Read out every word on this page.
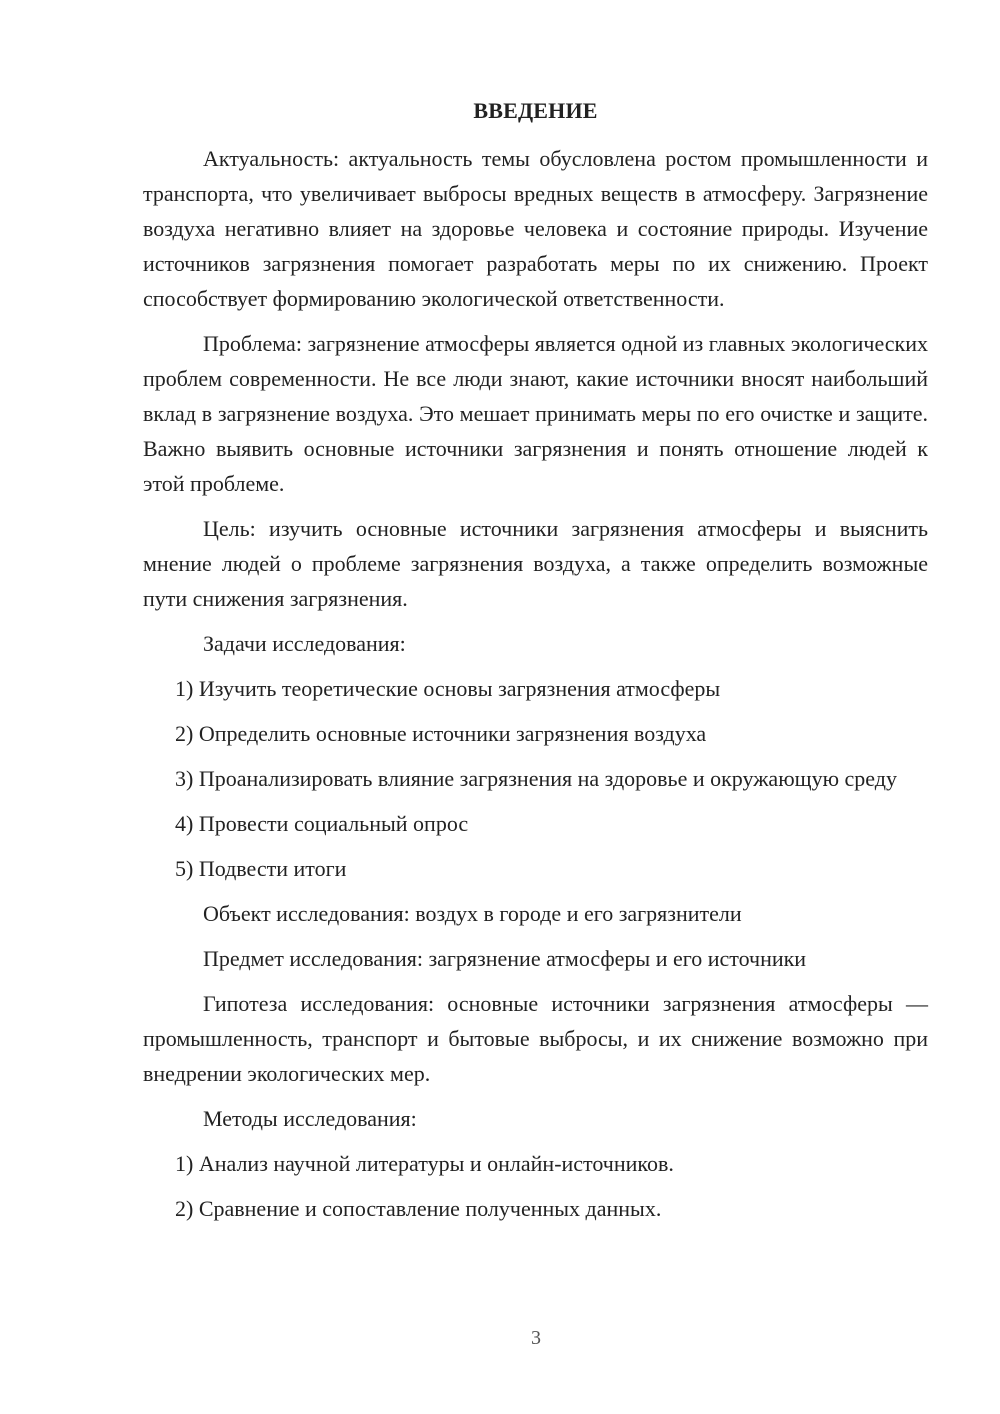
ВВЕДЕНИЕ

Актуальность: актуальность темы обусловлена ростом промышленности и транспорта, что увеличивает выбросы вредных веществ в атмосферу. Загрязнение воздуха негативно влияет на здоровье человека и состояние природы. Изучение источников загрязнения помогает разработать меры по их снижению. Проект способствует формированию экологической ответственности.

Проблема: загрязнение атмосферы является одной из главных экологических проблем современности. Не все люди знают, какие источники вносят наибольший вклад в загрязнение воздуха. Это мешает принимать меры по его очистке и защите. Важно выявить основные источники загрязнения и понять отношение людей к этой проблеме.

Цель: изучить основные источники загрязнения атмосферы и выяснить мнение людей о проблеме загрязнения воздуха, а также определить возможные пути снижения загрязнения.

Задачи исследования:

1) Изучить теоретические основы загрязнения атмосферы

2) Определить основные источники загрязнения воздуха

3) Проанализировать влияние загрязнения на здоровье и окружающую среду

4) Провести социальный опрос

5) Подвести итоги

Объект исследования: воздух в городе и его загрязнители

Предмет исследования: загрязнение атмосферы и его источники

Гипотеза исследования: основные источники загрязнения атмосферы — промышленность, транспорт и бытовые выбросы, и их снижение возможно при внедрении экологических мер.

Методы исследования:

1) Анализ научной литературы и онлайн-источников.

2) Сравнение и сопоставление полученных данных.

3
